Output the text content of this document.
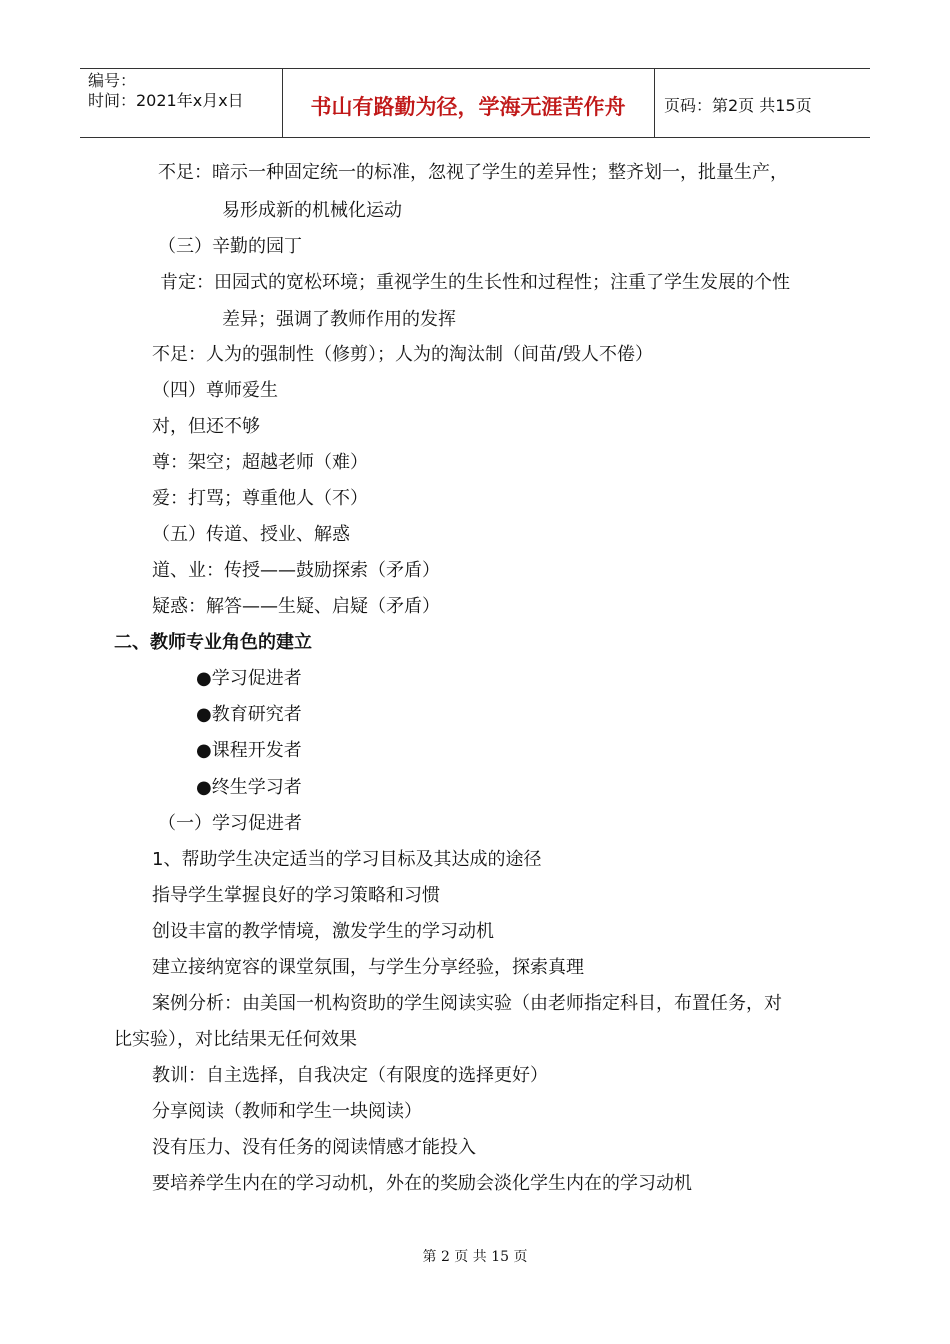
编号：
时间：2021年x月x日	书山有路勤为径，学海无涯苦作舟	页码：第2页 共15页
不足：暗示一种固定统一的标准，忽视了学生的差异性；整齐划一，批量生产，
易形成新的机械化运动
（三）辛勤的园丁
肯定：田园式的宽松环境；重视学生的生长性和过程性；注重了学生发展的个性
差异；强调了教师作用的发挥
不足：人为的强制性（修剪）；人为的淘汰制（间苗/毁人不倦）
（四）尊师爱生
对，但还不够
尊：架空；超越老师（难）
爱：打骂；尊重他人（不）
（五）传道、授业、解惑
道、业：传授——鼓励探索（矛盾）
疑惑：解答——生疑、启疑（矛盾）
二、教师专业角色的建立
●学习促进者
●教育研究者
●课程开发者
●终生学习者
（一）学习促进者
1、帮助学生决定适当的学习目标及其达成的途径
指导学生掌握良好的学习策略和习惯
创设丰富的教学情境，激发学生的学习动机
建立接纳宽容的课堂氛围，与学生分享经验，探索真理
案例分析：由美国一机构资助的学生阅读实验（由老师指定科目，布置任务，对
比实验），对比结果无任何效果
教训：自主选择，自我决定（有限度的选择更好）
分享阅读（教师和学生一块阅读）
没有压力、没有任务的阅读情感才能投入
要培养学生内在的学习动机，外在的奖励会淡化学生内在的学习动机
第 2 页 共 15 页
